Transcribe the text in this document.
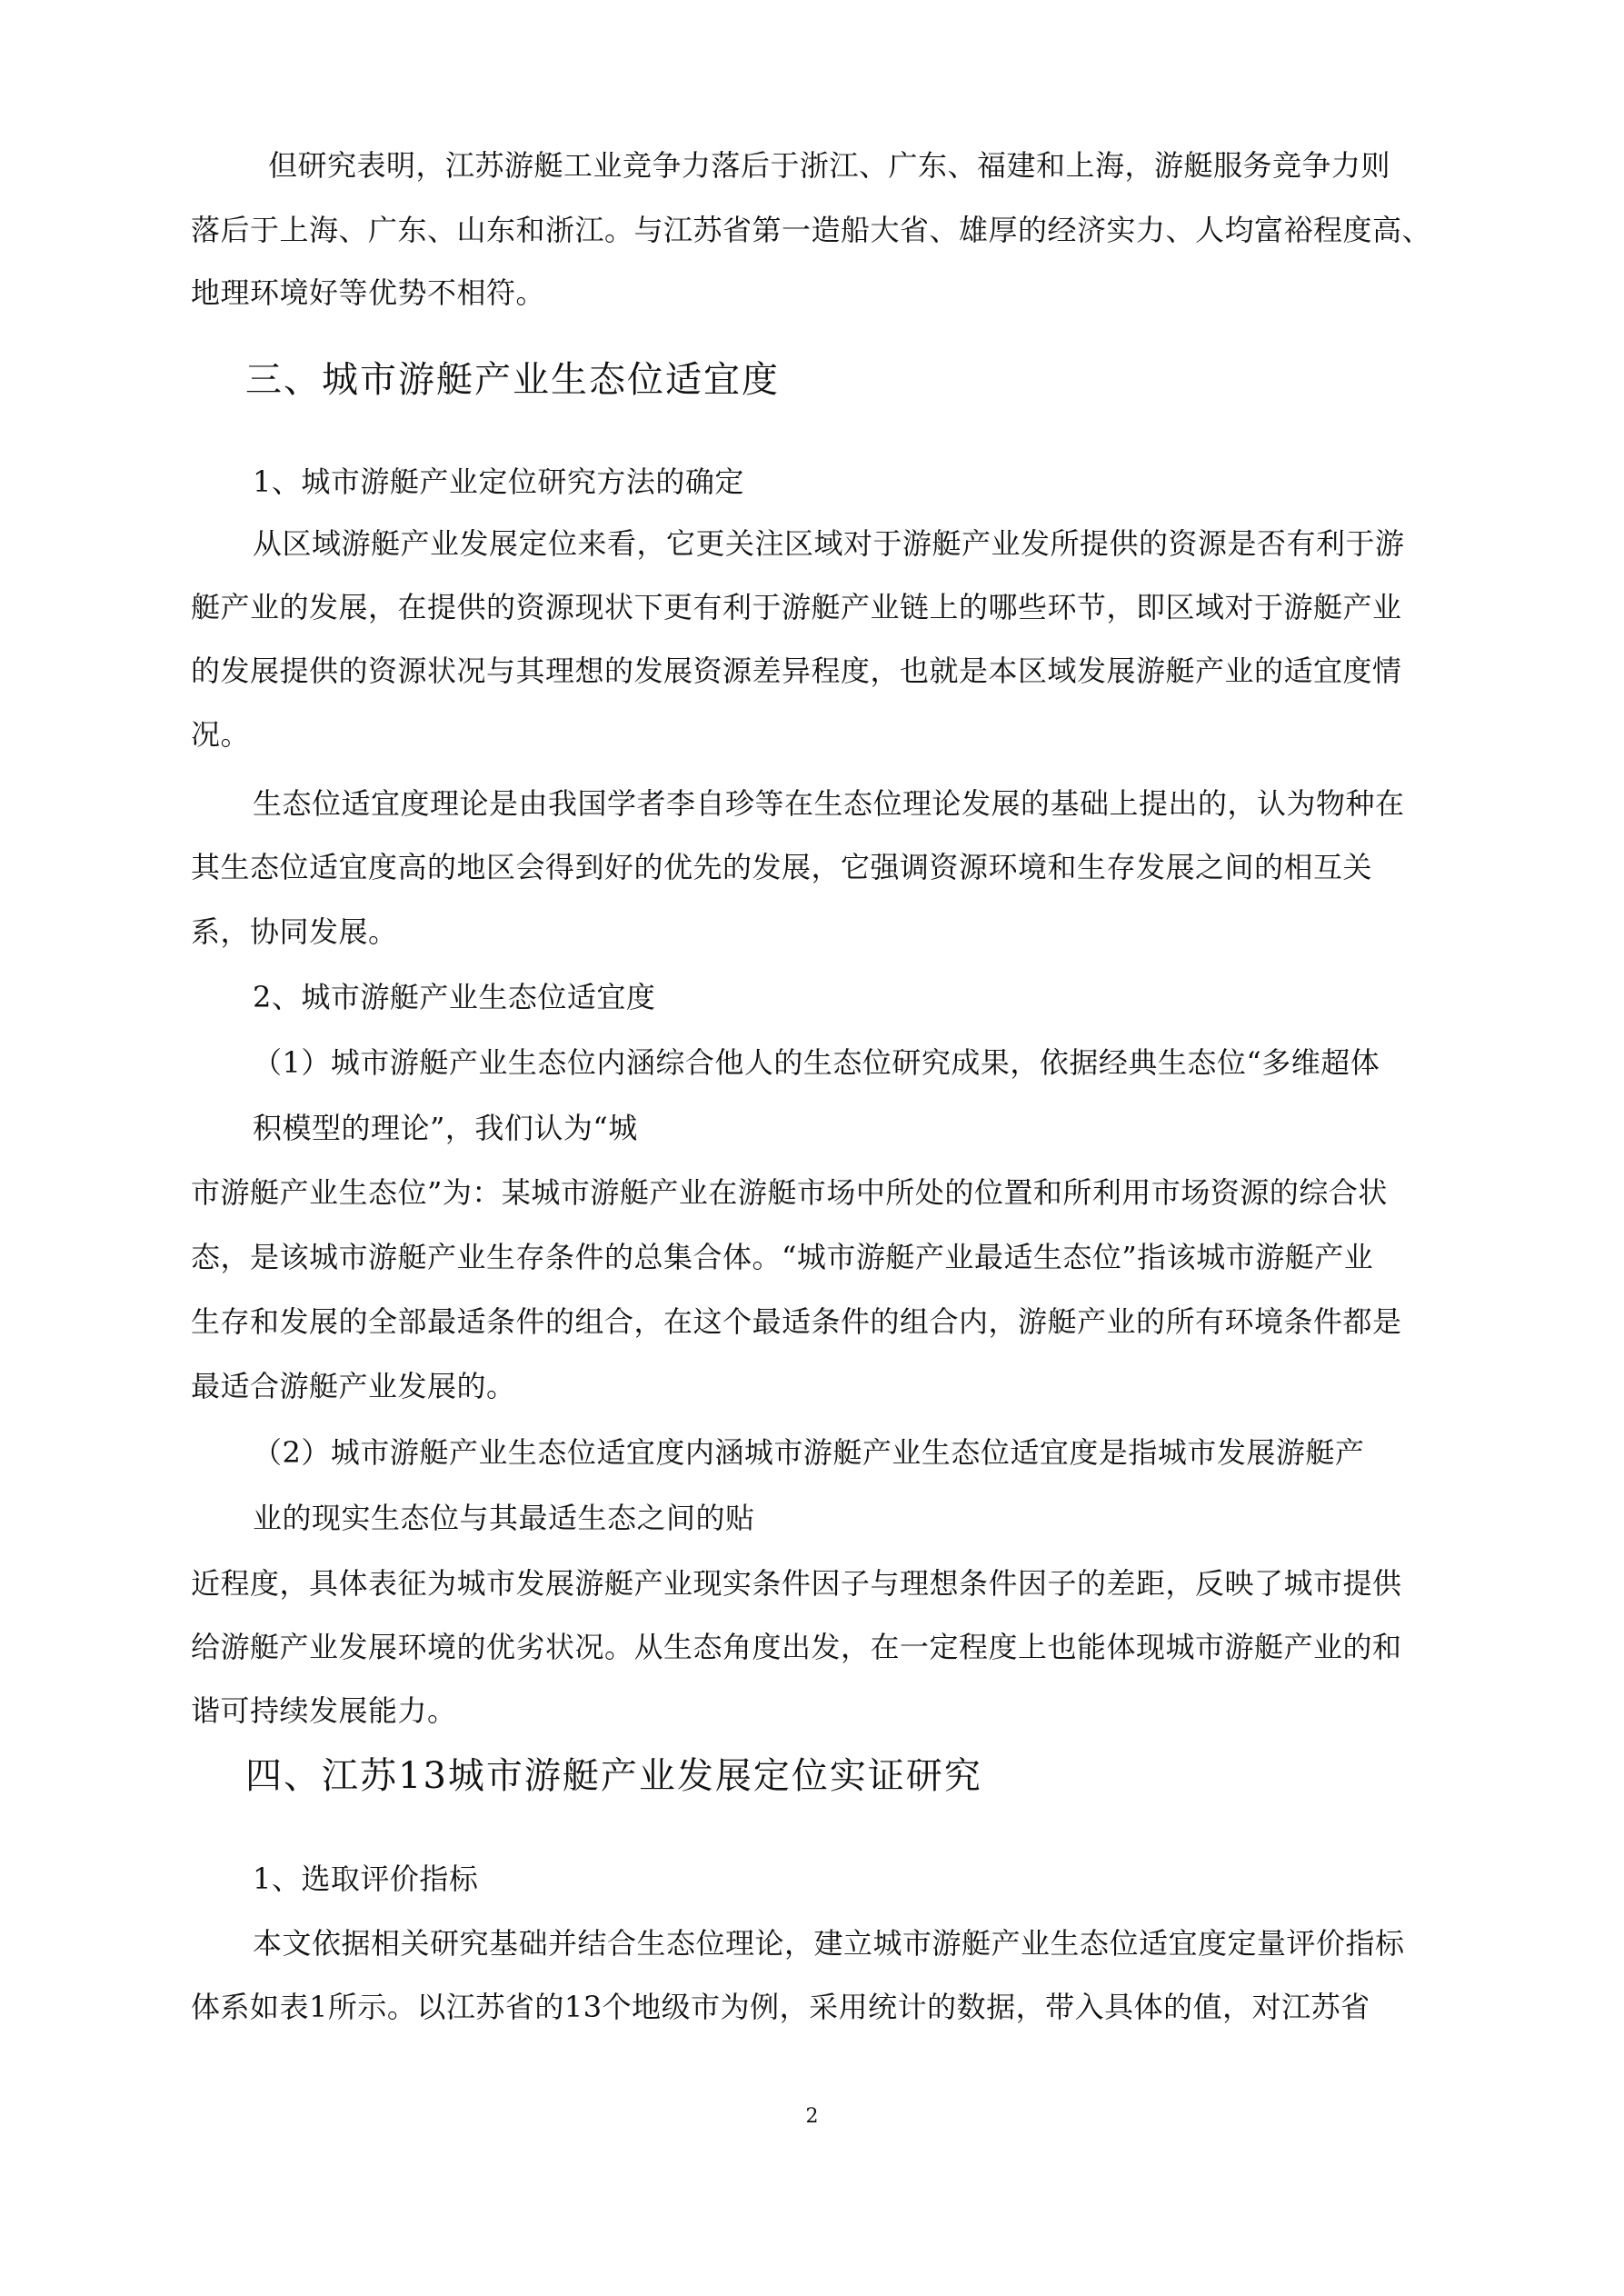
但研究表明，江苏游艇工业竞争力落后于浙江、广东、福建和上海，游艇服务竞争力则
落后于上海、广东、山东和浙江。与江苏省第一造船大省、雄厚的经济实力、人均富裕程度高、
地理环境好等优势不相符。
三、城市游艇产业生态位适宜度
1、城市游艇产业定位研究方法的确定
从区域游艇产业发展定位来看，它更关注区域对于游艇产业发所提供的资源是否有利于游
艇产业的发展，在提供的资源现状下更有利于游艇产业链上的哪些环节，即区域对于游艇产业
的发展提供的资源状况与其理想的发展资源差异程度，也就是本区域发展游艇产业的适宜度情
况。
生态位适宜度理论是由我国学者李自珍等在生态位理论发展的基础上提出的，认为物种在
其生态位适宜度高的地区会得到好的优先的发展，它强调资源环境和生存发展之间的相互关
系，协同发展。
2、城市游艇产业生态位适宜度
（1）城市游艇产业生态位内涵综合他人的生态位研究成果，依据经典生态位“多维超体
积模型的理论”，我们认为“城
市游艇产业生态位”为：某城市游艇产业在游艇市场中所处的位置和所利用市场资源的综合状
态，是该城市游艇产业生存条件的总集合体。“城市游艇产业最适生态位”指该城市游艇产业
生存和发展的全部最适条件的组合，在这个最适条件的组合内，游艇产业的所有环境条件都是
最适合游艇产业发展的。
（2）城市游艇产业生态位适宜度内涵城市游艇产业生态位适宜度是指城市发展游艇产
业的现实生态位与其最适生态之间的贴
近程度，具体表征为城市发展游艇产业现实条件因子与理想条件因子的差距，反映了城市提供
给游艇产业发展环境的优劣状况。从生态角度出发，在一定程度上也能体现城市游艇产业的和
谐可持续发展能力。
四、江苏13城市游艇产业发展定位实证研究
1、选取评价指标
本文依据相关研究基础并结合生态位理论，建立城市游艇产业生态位适宜度定量评价指标
体系如表1所示。以江苏省的13个地级市为例，采用统计的数据，带入具体的值，对江苏省
2
